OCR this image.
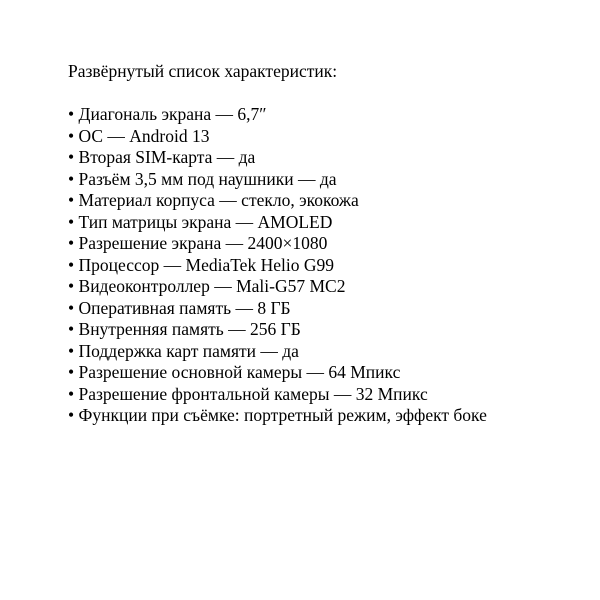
Развёрнутый список характеристик:

• Диагональ экрана — 6,7″
• ОС — Android 13
• Вторая SIM-карта — да
• Разъём 3,5 мм под наушники — да
• Материал корпуса — стекло, экокожа
• Тип матрицы экрана — AMOLED
• Разрешение экрана — 2400×1080
• Процессор — MediaTek Helio G99
• Видеоконтроллер — Mali-G57 MC2
• Оперативная память — 8 ГБ
• Внутренняя память — 256 ГБ
• Поддержка карт памяти — да
• Разрешение основной камеры — 64 Мпикс
• Разрешение фронтальной камеры — 32 Мпикс
• Функции при съёмке: портретный режим, эффект боке
